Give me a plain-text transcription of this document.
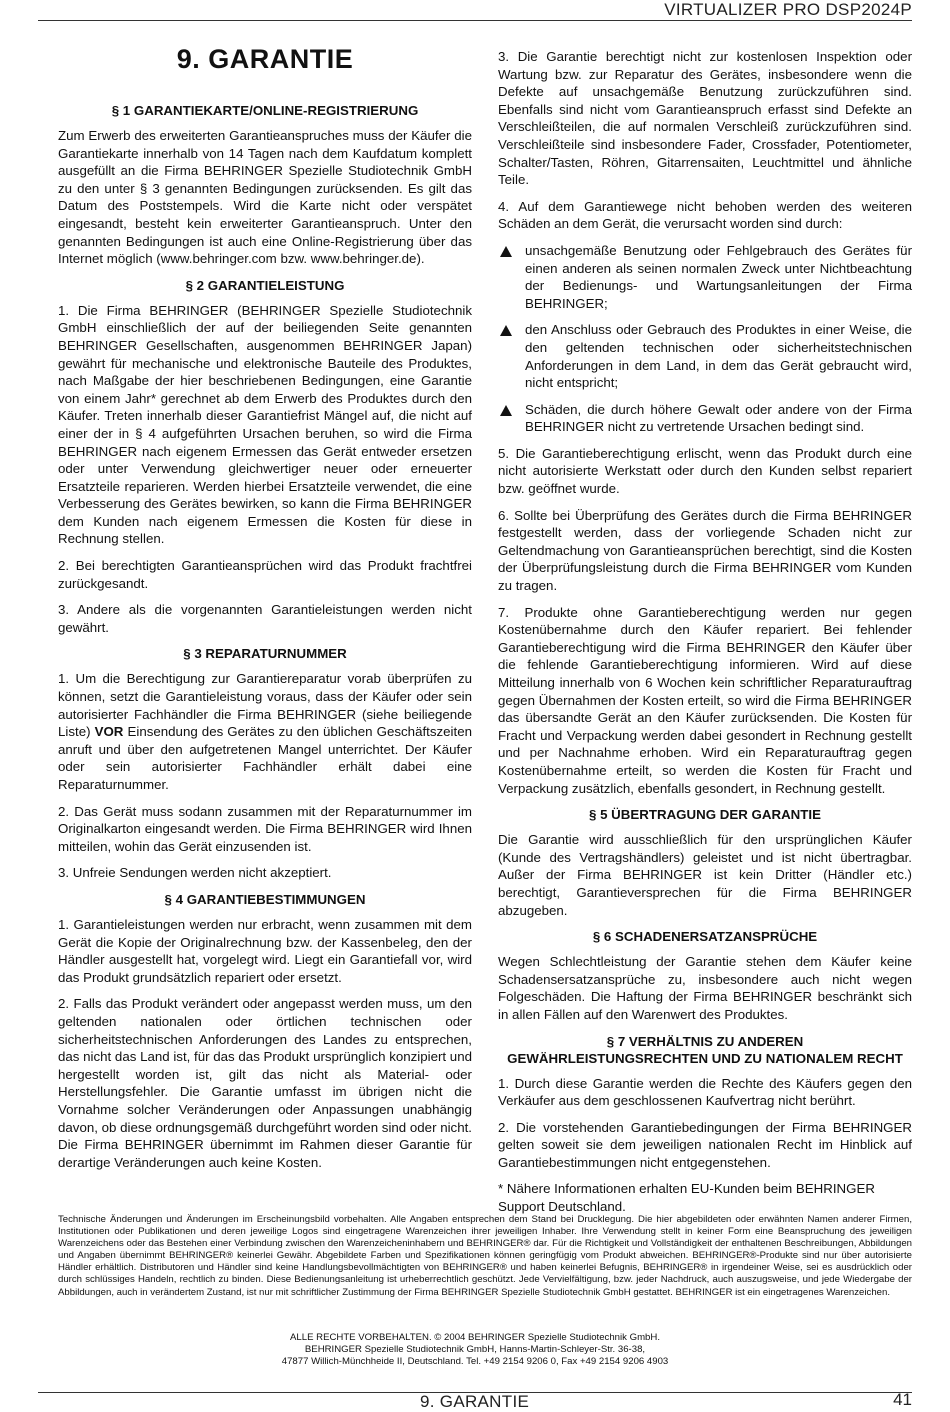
VIRTUALIZER PRO DSP2024P
9. GARANTIE
§ 1 GARANTIEKARTE/ONLINE-REGISTRIERUNG

Zum Erwerb des erweiterten Garantieanspruches muss der Käufer die Garantiekarte innerhalb von 14 Tagen nach dem Kaufdatum komplett ausgefüllt an die Firma BEHRINGER Spezielle Studiotechnik GmbH zu den unter § 3 genannten Bedingungen zurücksenden. Es gilt das Datum des Poststempels. Wird die Karte nicht oder verspätet eingesandt, besteht kein erweiterter Garantieanspruch. Unter den genannten Bedingungen ist auch eine Online-Registrierung über das Internet möglich (www.behringer.com bzw. www.behringer.de).

§ 2 GARANTIELEISTUNG

1. Die Firma BEHRINGER (BEHRINGER Spezielle Studiotechnik GmbH einschließlich der auf der beiliegenden Seite genannten BEHRINGER Gesellschaften, ausgenommen BEHRINGER Japan) gewährt für mechanische und elektronische Bauteile des Produktes, nach Maßgabe der hier beschriebenen Bedingungen, eine Garantie von einem Jahr* gerechnet ab dem Erwerb des Produktes durch den Käufer. Treten innerhalb dieser Garantiefrist Mängel auf, die nicht auf einer der in § 4 aufgeführten Ursachen beruhen, so wird die Firma BEHRINGER nach eigenem Ermessen das Gerät entweder ersetzen oder unter Verwendung gleichwertiger neuer oder erneuerter Ersatzteile reparieren. Werden hierbei Ersatzteile verwendet, die eine Verbesserung des Gerätes bewirken, so kann die Firma BEHRINGER dem Kunden nach eigenem Ermessen die Kosten für diese in Rechnung stellen.

2. Bei berechtigten Garantieansprüchen wird das Produkt frachtfrei zurückgesandt.

3. Andere als die vorgenannten Garantieleistungen werden nicht gewährt.

§ 3 REPARATURNUMMER

1. Um die Berechtigung zur Garantiereparatur vorab überprüfen zu können, setzt die Garantieleistung voraus, dass der Käufer oder sein autorisierter Fachhändler die Firma BEHRINGER (siehe beiliegende Liste) VOR Einsendung des Gerätes zu den üblichen Geschäftszeiten anruft und über den aufgetretenen Mangel unterrichtet. Der Käufer oder sein autorisierter Fachhändler erhält dabei eine Reparaturnummer.

2. Das Gerät muss sodann zusammen mit der Reparaturnummer im Originalkarton eingesandt werden. Die Firma BEHRINGER wird Ihnen mitteilen, wohin das Gerät einzusenden ist.

3. Unfreie Sendungen werden nicht akzeptiert.

§ 4 GARANTIEBESTIMMUNGEN

1. Garantieleistungen werden nur erbracht, wenn zusammen mit dem Gerät die Kopie der Originalrechnung bzw. der Kassenbeleg, den der Händler ausgestellt hat, vorgelegt wird. Liegt ein Garantiefall vor, wird das Produkt grundsätzlich repariert oder ersetzt.

2. Falls das Produkt verändert oder angepasst werden muss, um den geltenden nationalen oder örtlichen technischen oder sicherheitstechnischen Anforderungen des Landes zu entsprechen, das nicht das Land ist, für das das Produkt ursprünglich konzipiert und hergestellt worden ist, gilt das nicht als Material- oder Herstellungsfehler. Die Garantie umfasst im übrigen nicht die Vornahme solcher Veränderungen oder Anpassungen unabhängig davon, ob diese ordnungsgemäß durchgeführt worden sind oder nicht. Die Firma BEHRINGER übernimmt im Rahmen dieser Garantie für derartige Veränderungen auch keine Kosten.

3. Die Garantie berechtigt nicht zur kostenlosen Inspektion oder Wartung bzw. zur Reparatur des Gerätes, insbesondere wenn die Defekte auf unsachgemäße Benutzung zurückzuführen sind. Ebenfalls sind nicht vom Garantieanspruch erfasst sind Defekte an Verschleißteilen, die auf normalen Verschleiß zurückzuführen sind. Verschleißteile sind insbesondere Fader, Crossfader, Potentiometer, Schalter/Tasten, Röhren, Gitarrensaiten, Leuchtmittel und ähnliche Teile.

4. Auf dem Garantiewege nicht behoben werden des weiteren Schäden an dem Gerät, die verursacht worden sind durch:

unsachgemäße Benutzung oder Fehlgebrauch des Gerätes für einen anderen als seinen normalen Zweck unter Nichtbeachtung der Bedienungs- und Wartungsanleitungen der Firma BEHRINGER;
den Anschluss oder Gebrauch des Produktes in einer Weise, die den geltenden technischen oder sicherheitstechnischen Anforderungen in dem Land, in dem das Gerät gebraucht wird, nicht entspricht;
Schäden, die durch höhere Gewalt oder andere von der Firma BEHRINGER nicht zu vertretende Ursachen bedingt sind.

5. Die Garantieberechtigung erlischt, wenn das Produkt durch eine nicht autorisierte Werkstatt oder durch den Kunden selbst repariert bzw. geöffnet wurde.

6. Sollte bei Überprüfung des Gerätes durch die Firma BEHRINGER festgestellt werden, dass der vorliegende Schaden nicht zur Geltendmachung von Garantieansprüchen berechtigt, sind die Kosten der Überprüfungsleistung durch die Firma BEHRINGER vom Kunden zu tragen.

7. Produkte ohne Garantieberechtigung werden nur gegen Kostenübernahme durch den Käufer repariert. Bei fehlender Garantieberechtigung wird die Firma BEHRINGER den Käufer über die fehlende Garantieberechtigung informieren. Wird auf diese Mitteilung innerhalb von 6 Wochen kein schriftlicher Reparaturauftrag gegen Übernahmen der Kosten erteilt, so wird die Firma BEHRINGER das übersandte Gerät an den Käufer zurücksenden. Die Kosten für Fracht und Verpackung werden dabei gesondert in Rechnung gestellt und per Nachnahme erhoben. Wird ein Reparaturauftrag gegen Kostenübernahme erteilt, so werden die Kosten für Fracht und Verpackung zusätzlich, ebenfalls gesondert, in Rechnung gestellt.

§ 5 ÜBERTRAGUNG DER GARANTIE

Die Garantie wird ausschließlich für den ursprünglichen Käufer (Kunde des Vertragshändlers) geleistet und ist nicht übertragbar. Außer der Firma BEHRINGER ist kein Dritter (Händler etc.) berechtigt, Garantieversprechen für die Firma BEHRINGER abzugeben.

§ 6 SCHADENERSATZANSPRÜCHE

Wegen Schlechtleistung der Garantie stehen dem Käufer keine Schadensersatzansprüche zu, insbesondere auch nicht wegen Folgeschäden. Die Haftung der Firma BEHRINGER beschränkt sich in allen Fällen auf den Warenwert des Produktes.

§ 7 VERHÄLTNIS ZU ANDEREN
GEWÄHRLEISTUNGSRECHTEN UND ZU NATIONALEM RECHT

1. Durch diese Garantie werden die Rechte des Käufers gegen den Verkäufer aus dem geschlossenen Kaufvertrag nicht berührt.

2. Die vorstehenden Garantiebedingungen der Firma BEHRINGER gelten soweit sie dem jeweiligen nationalen Recht im Hinblick auf Garantiebestimmungen nicht entgegenstehen.

* Nähere Informationen erhalten EU-Kunden beim BEHRINGER Support Deutschland.

Technische Änderungen und Änderungen im Erscheinungsbild vorbehalten. Alle Angaben entsprechen dem Stand bei Drucklegung. Die hier abgebildeten oder erwähnten Namen anderer Firmen, Institutionen oder Publikationen und deren jeweilige Logos sind eingetragene Warenzeichen ihrer jeweiligen Inhaber. Ihre Verwendung stellt in keiner Form eine Beanspruchung des jeweiligen Warenzeichens oder das Bestehen einer Verbindung zwischen den Warenzeicheninhabern und BEHRINGER® dar. Für die Richtigkeit und Vollständigkeit der enthaltenen Beschreibungen, Abbildungen und Angaben übernimmt BEHRINGER® keinerlei Gewähr. Abgebildete Farben und Spezifikationen können geringfügig vom Produkt abweichen. BEHRINGER®-Produkte sind nur über autorisierte Händler erhältlich. Distributoren und Händler sind keine Handlungsbevollmächtigten von BEHRINGER® und haben keinerlei Befugnis, BEHRINGER® in irgendeiner Weise, sei es ausdrücklich oder durch schlüssiges Handeln, rechtlich zu binden. Diese Bedienungsanleitung ist urheberrechtlich geschützt. Jede Vervielfältigung, bzw. jeder Nachdruck, auch auszugsweise, und jede Wiedergabe der Abbildungen, auch in verändertem Zustand, ist nur mit schriftlicher Zustimmung der Firma BEHRINGER Spezielle Studiotechnik GmbH gestattet. BEHRINGER ist ein eingetragenes Warenzeichen.
ALLE RECHTE VORBEHALTEN. © 2004 BEHRINGER Spezielle Studiotechnik GmbH.
BEHRINGER Spezielle Studiotechnik GmbH, Hanns-Martin-Schleyer-Str. 36-38,
47877 Willich-Münchheide II, Deutschland. Tel. +49 2154 9206 0, Fax +49 2154 9206 4903
9. GARANTIE	41
